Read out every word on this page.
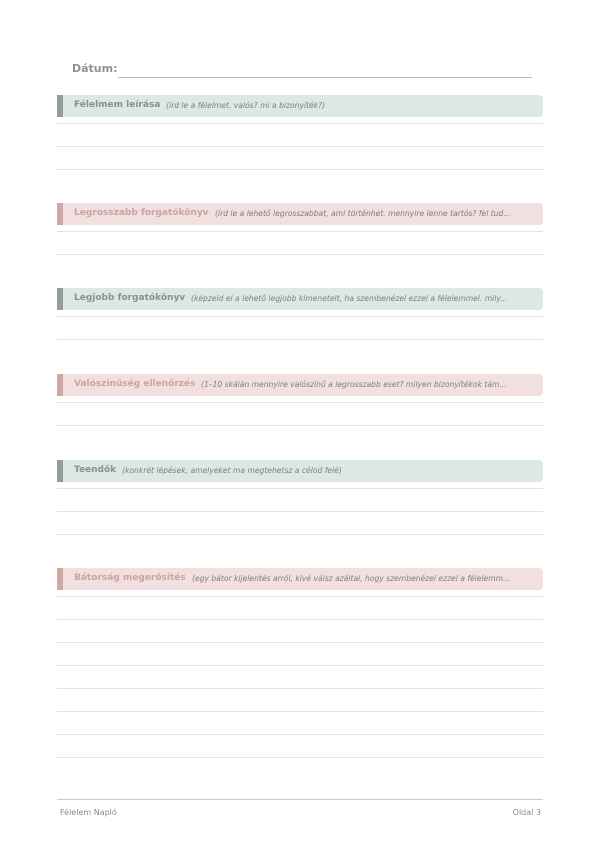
Dátum:
Félelmem leírása (írd le a félelmet. valós? mi a bizonyíték?)
Legrosszabb forgatókönyv (írd le a lehető legrosszabbat, ami történhet. mennyire lenne tartós? fel tud...
Legjobb forgatókönyv (képzeld el a lehető legjobb kimenetelt, ha szembenézel ezzel a félelemmel. mily...
Valószínűség ellenőrzés (1–10 skálán mennyire valószínű a legrosszabb eset? milyen bizonyítékok tám...
Teendők (konkrét lépések, amelyeket ma megtehetsz a célod felé)
Bátorság megerősítés (egy bátor kijelentés arról, kivé válsz azáltal, hogy szembenézel ezzel a félelemm...
Félelem Napló	Oldal 3
